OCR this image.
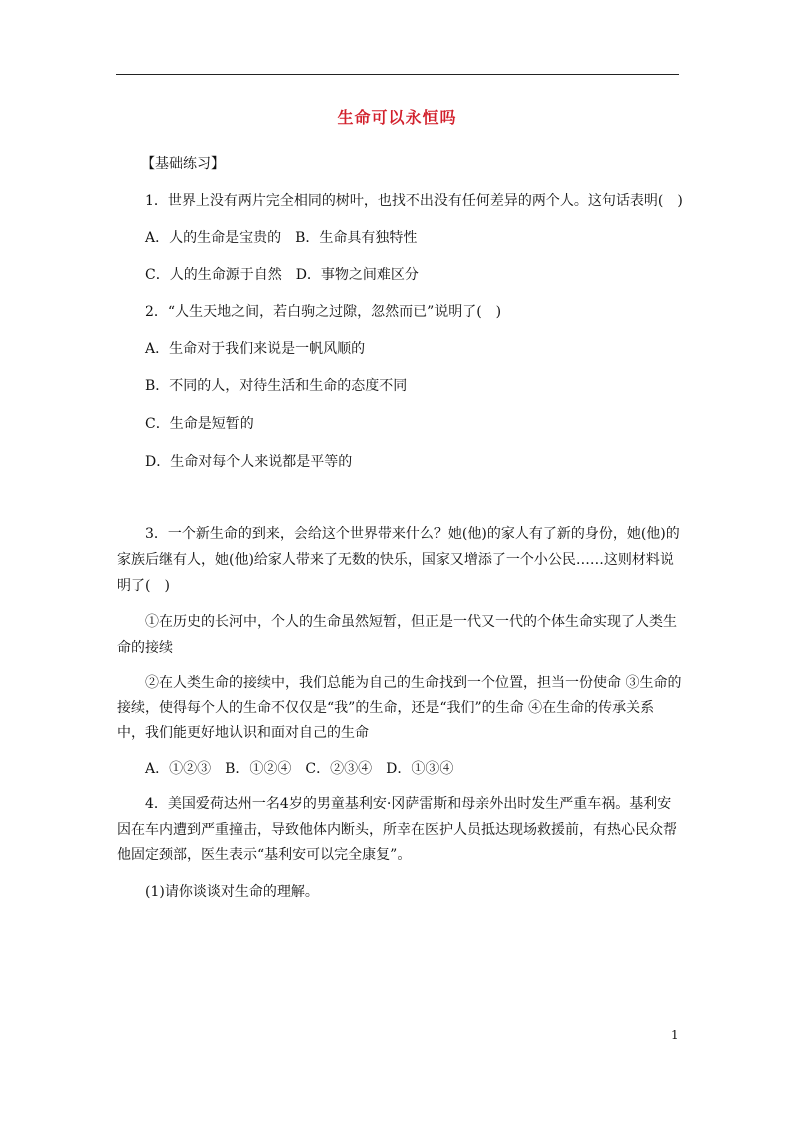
生命可以永恒吗
【基础练习】
1．世界上没有两片完全相同的树叶，也找不出没有任何差异的两个人。这句话表明(　)
A．人的生命是宝贵的　B．生命具有独特性
C．人的生命源于自然　D．事物之间难区分
2．“人生天地之间，若白驹之过隙，忽然而已”说明了(　)
A．生命对于我们来说是一帆风顺的
B．不同的人，对待生活和生命的态度不同
C．生命是短暂的
D．生命对每个人来说都是平等的
3．一个新生命的到来，会给这个世界带来什么？她(他)的家人有了新的身份，她(他)的
家族后继有人，她(他)给家人带来了无数的快乐，国家又增添了一个小公民……这则材料说
明了(　)
①在历史的长河中，个人的生命虽然短暂，但正是一代又一代的个体生命实现了人类生
命的接续
②在人类生命的接续中，我们总能为自己的生命找到一个位置，担当一份使命 ③生命的
接续，使得每个人的生命不仅仅是“我”的生命，还是“我们”的生命 ④在生命的传承关系
中，我们能更好地认识和面对自己的生命
A．①②③　B．①②④　C．②③④　D．①③④
4．美国爱荷达州一名4岁的男童基利安·冈萨雷斯和母亲外出时发生严重车祸。基利安
因在车内遭到严重撞击，导致他体内断头，所幸在医护人员抵达现场救援前，有热心民众帮
他固定颈部，医生表示“基利安可以完全康复”。
(1)请你谈谈对生命的理解。
1
